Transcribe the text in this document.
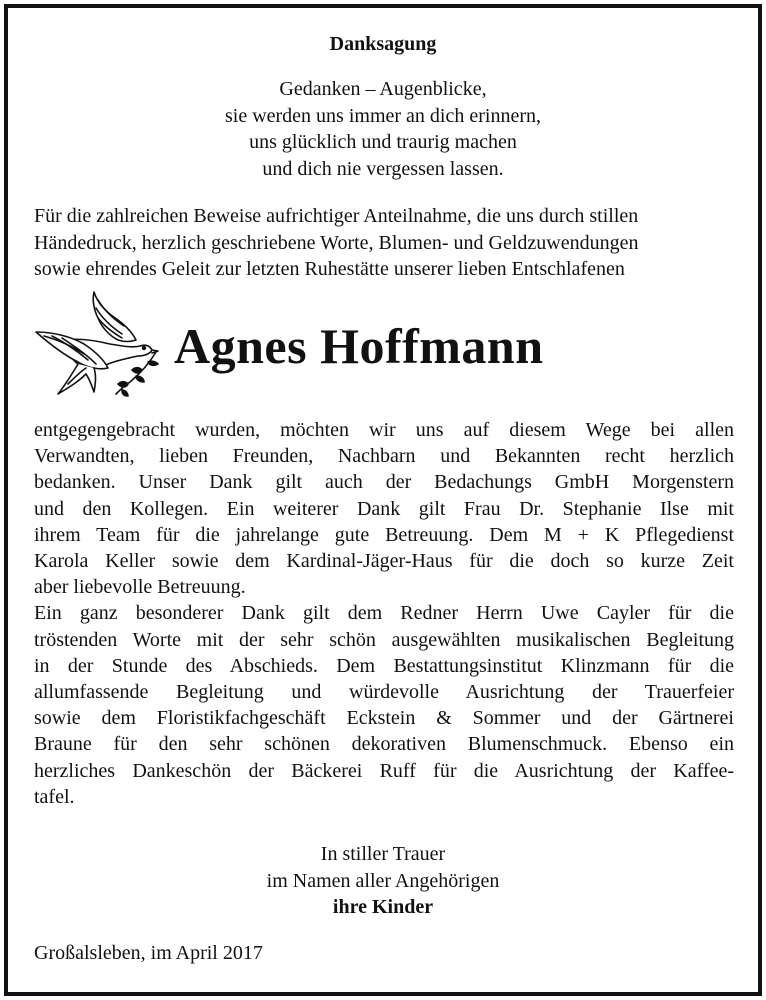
Danksagung
Gedanken – Augenblicke,
sie werden uns immer an dich erinnern,
uns glücklich und traurig machen
und dich nie vergessen lassen.
Für die zahlreichen Beweise aufrichtiger Anteilnahme, die uns durch stillen
Händedruck, herzlich geschriebene Worte, Blumen- und Geldzuwendungen
sowie ehrendes Geleit zur letzten Ruhestätte unserer lieben Entschlafenen
Agnes Hoffmann
entgegengebracht wurden, möchten wir uns auf diesem Wege bei allen
Verwandten, lieben Freunden, Nachbarn und Bekannten recht herzlich
bedanken. Unser Dank gilt auch der Bedachungs GmbH Morgenstern
und den Kollegen. Ein weiterer Dank gilt Frau Dr. Stephanie Ilse mit
ihrem Team für die jahrelange gute Betreuung. Dem M + K Pflegedienst
Karola Keller sowie dem Kardinal-Jäger-Haus für die doch so kurze Zeit
aber liebevolle Betreuung.
Ein ganz besonderer Dank gilt dem Redner Herrn Uwe Cayler für die
tröstenden Worte mit der sehr schön ausgewählten musikalischen Begleitung
in der Stunde des Abschieds. Dem Bestattungsinstitut Klinzmann für die
allumfassende Begleitung und würdevolle Ausrichtung der Trauerfeier
sowie dem Floristikfachgeschäft Eckstein & Sommer und der Gärtnerei
Braune für den sehr schönen dekorativen Blumenschmuck. Ebenso ein
herzliches Dankeschön der Bäckerei Ruff für die Ausrichtung der Kaffee-
tafel.
In stiller Trauer
im Namen aller Angehörigen
ihre Kinder
Großalsleben, im April 2017
